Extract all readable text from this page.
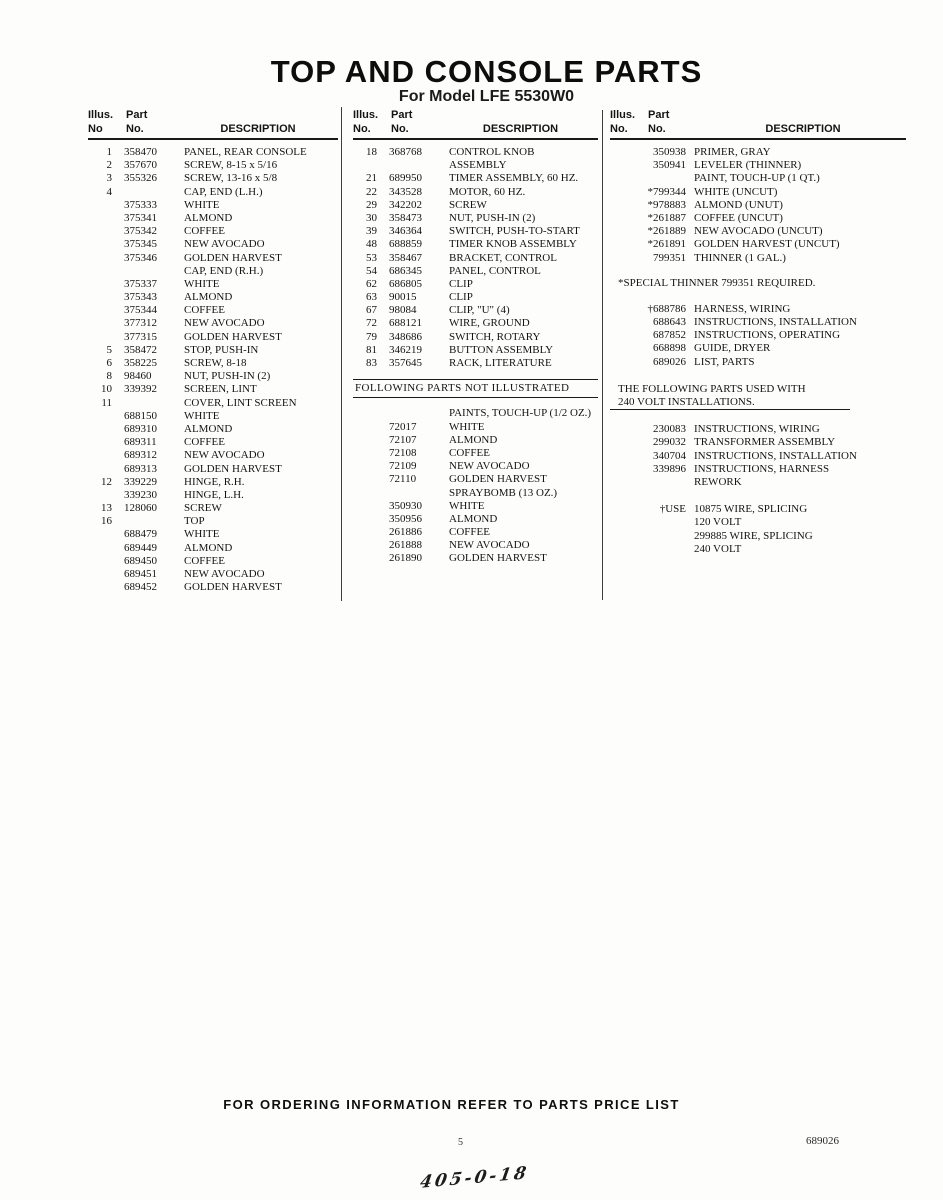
TOP AND CONSOLE PARTS
For Model LFE 5530W0
Illus.	Part
No	No.	DESCRIPTION
1 358470	PANEL, REAR CONSOLE
2 357670	SCREW, 8-15 x 5/16
3 355326	SCREW, 13-16 x 5/8
4	CAP, END (L.H.)
375333	WHITE
375341	ALMOND
375342	COFFEE
375345	NEW AVOCADO
375346	GOLDEN HARVEST
CAP, END (R.H.)
375337	WHITE
375343	ALMOND
375344	COFFEE
377312	NEW AVOCADO
377315	GOLDEN HARVEST
5 358472	STOP, PUSH-IN
6 358225	SCREW, 8-18
8 98460	NUT, PUSH-IN (2)
10 339392	SCREEN, LINT
11	COVER, LINT SCREEN
688150	WHITE
689310	ALMOND
689311	COFFEE
689312	NEW AVOCADO
689313	GOLDEN HARVEST
12 339229	HINGE, R.H.
339230	HINGE, L.H.
13 128060	SCREW
16	TOP
688479	WHITE
689449	ALMOND
689450	COFFEE
689451	NEW AVOCADO
689452	GOLDEN HARVEST
Illus.	Part
No.	No.	DESCRIPTION
18 368768	CONTROL KNOB
ASSEMBLY
21 689950	TIMER ASSEMBLY, 60 HZ.
22 343528	MOTOR, 60 HZ.
29 342202	SCREW
30 358473	NUT, PUSH-IN (2)
39 346364	SWITCH, PUSH-TO-START
48 688859	TIMER KNOB ASSEMBLY
53 358467	BRACKET, CONTROL
54 686345	PANEL, CONTROL
62 686805	CLIP
63 90015	CLIP
67 98084	CLIP, "U" (4)
72 688121	WIRE, GROUND
79 348686	SWITCH, ROTARY
81 346219	BUTTON ASSEMBLY
83 357645	RACK, LITERATURE
FOLLOWING PARTS NOT ILLUSTRATED
PAINTS, TOUCH-UP (1/2 OZ.)
72017	WHITE
72107	ALMOND
72108	COFFEE
72109	NEW AVOCADO
72110	GOLDEN HARVEST
SPRAYBOMB (13 OZ.)
350930	WHITE
350956	ALMOND
261886	COFFEE
261888	NEW AVOCADO
261890	GOLDEN HARVEST
Illus.	Part
No.	No.	DESCRIPTION
350938 PRIMER, GRAY
350941 LEVELER (THINNER)
PAINT, TOUCH-UP (1 QT.)
*799344 WHITE (UNCUT)
*978883 ALMOND (UNUT)
*261887 COFFEE (UNCUT)
*261889 NEW AVOCADO (UNCUT)
*261891 GOLDEN HARVEST (UNCUT)
799351 THINNER (1 GAL.)
*SPECIAL THINNER 799351 REQUIRED.
†688786 HARNESS, WIRING
688643 INSTRUCTIONS, INSTALLATION
687852 INSTRUCTIONS, OPERATING
668898 GUIDE, DRYER
689026 LIST, PARTS
THE FOLLOWING PARTS USED WITH
240 VOLT INSTALLATIONS.
230083 INSTRUCTIONS, WIRING
299032 TRANSFORMER ASSEMBLY
340704 INSTRUCTIONS, INSTALLATION
339896 INSTRUCTIONS, HARNESS
REWORK
†USE 10875 WIRE, SPLICING
120 VOLT
299885 WIRE, SPLICING
240 VOLT
FOR ORDERING INFORMATION REFER TO PARTS PRICE LIST
5	689026
405-0-18
